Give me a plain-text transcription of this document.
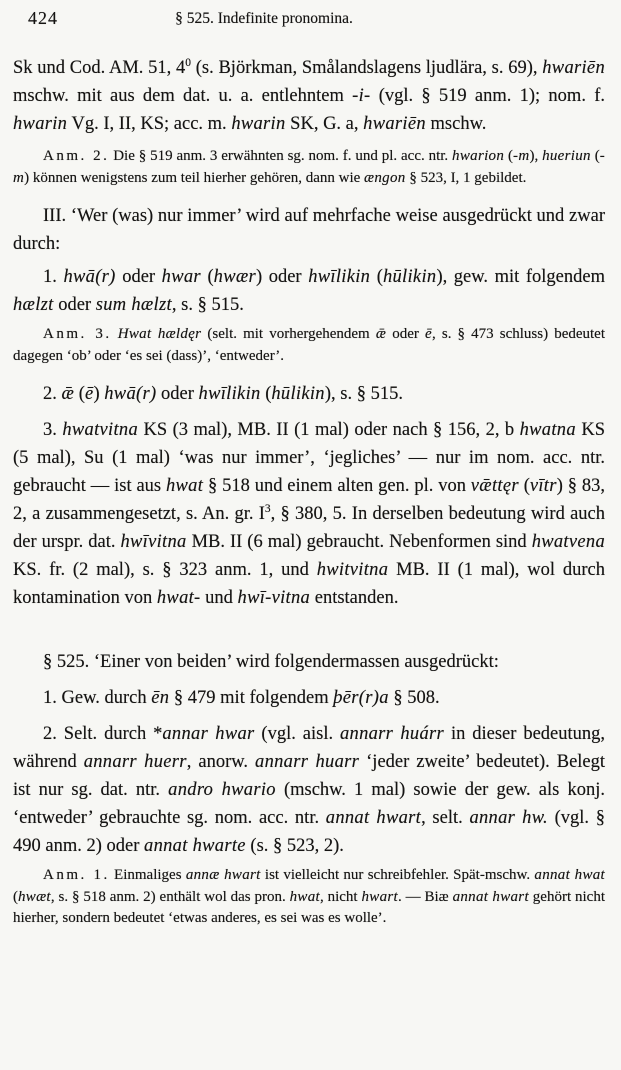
424	§ 525. Indefinite pronomina.

Sk und Cod. AM. 51, $4^0$ (s. Björkman, Smålandslagens ljudlära, s. 69), hwariēn mschw. mit aus dem dat. u. a. entlehntem -i- (vgl. § 519 anm. 1); nom. f. hwarin Vg. I, II, KS; acc. m. hwarin SK, G. a, hwariēn mschw.

Anm. 2. Die § 519 anm. 3 erwähnten sg. nom. f. und pl. acc. ntr. hwarion (-m), hueriun (-m) können wenigstens zum teil hierher gehören, dann wie ængon § 523, I, 1 gebildet.

III. ‘Wer (was) nur immer’ wird auf mehrfache weise ausgedrückt und zwar durch:

1. hwā(r) oder hwar (hwær) oder hwīlikin (hūlikin), gew. mit folgendem hælzt oder sum hælzt, s. § 515.

Anm. 3. Hwat hældęr (selt. mit vorhergehendem ǣ oder ē, s. § 473 schluss) bedeutet dagegen ‘ob’ oder ‘es sei (dass)’, ‘entweder’.

2. ǣ (ē) hwā(r) oder hwīlikin (hūlikin), s. § 515.

3. hwatvitna KS (3 mal), MB. II (1 mal) oder nach § 156, 2, b hwatna KS (5 mal), Su (1 mal) ‘was nur immer’, ‘jegliches’ — nur im nom. acc. ntr. gebraucht — ist aus hwat § 518 und einem alten gen. pl. von vǣttęr (vītr) § 83, 2, a zusammengesetzt, s. An. gr. $I^3$, § 380, 5. In derselben bedeutung wird auch der urspr. dat. hwīvitna MB. II (6 mal) gebraucht. Nebenformen sind hwatvena KS. fr. (2 mal), s. § 323 anm. 1, und hwitvitna MB. II (1 mal), wol durch kontamination von hwat- und hwī-vitna entstanden.

§ 525. ‘Einer von beiden’ wird folgendermassen ausgedrückt:

1. Gew. durch ēn § 479 mit folgendem þēr(r)a § 508.

2. Selt. durch *annar hwar (vgl. aisl. annarr huárr in dieser bedeutung, während annarr huerr, anorw. annarr huarr ‘jeder zweite’ bedeutet). Belegt ist nur sg. dat. ntr. andro hwario (mschw. 1 mal) sowie der gew. als konj. ‘entweder’ gebrauchte sg. nom. acc. ntr. annat hwart, selt. annar hw. (vgl. § 490 anm. 2) oder annat hwarte (s. § 523, 2).

Anm. 1. Einmaliges annæ hwart ist vielleicht nur schreibfehler. Spät-mschw. annat hwat (hwæt, s. § 518 anm. 2) enthält wol das pron. hwat, nicht hwart. — Biæ annat hwart gehört nicht hierher, sondern bedeutet ‘etwas anderes, es sei was es wolle’.
